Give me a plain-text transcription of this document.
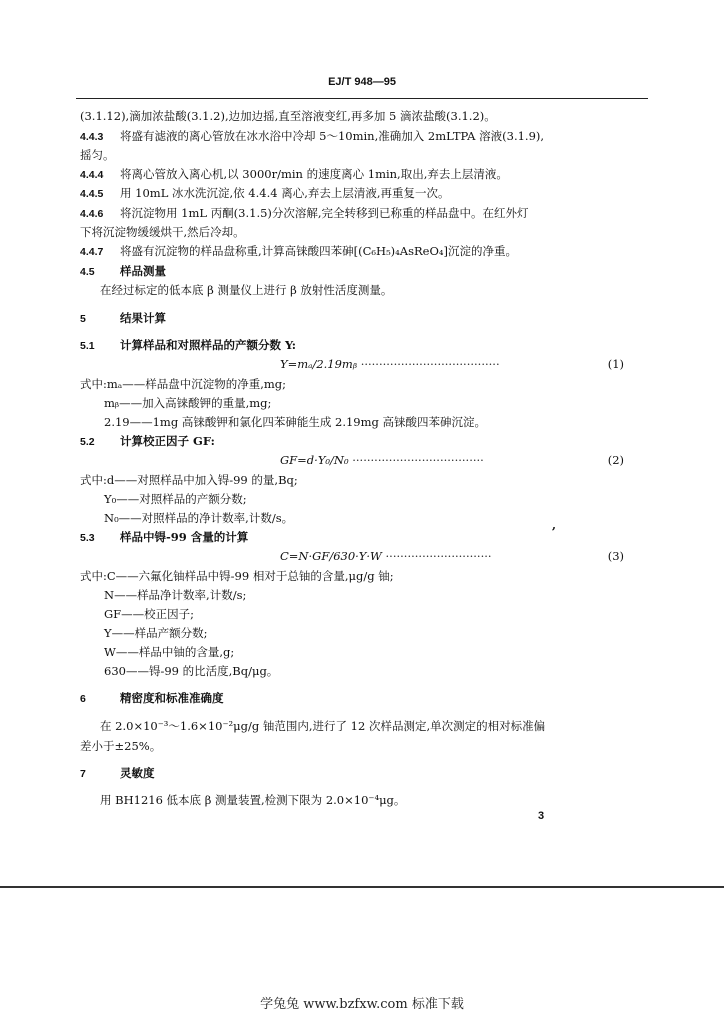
EJ/T 948—95
(3.1.12),滴加浓盐酸(3.1.2),边加边摇,直至溶液变红,再多加 5 滴浓盐酸(3.1.2)。
4.4.3 将盛有滤液的离心管放在冰水浴中冷却 5～10min,准确加入 2mLTPA 溶液(3.1.9),
摇匀。
4.4.4 将离心管放入离心机,以 3000r/min 的速度离心 1min,取出,弃去上层清液。
4.4.5 用 10mL 冰水洗沉淀,依 4.4.4 离心,弃去上层清液,再重复一次。
4.4.6 将沉淀物用 1mL 丙酮(3.1.5)分次溶解,完全转移到已称重的样品盘中。在红外灯
下将沉淀物缓缓烘干,然后冷却。
4.4.7 将盛有沉淀物的样品盘称重,计算高铼酸四苯砷[(C₆H₅)₄AsReO₄]沉淀的净重。
4.5 样品测量
在经过标定的低本底 β 测量仪上进行 β 放射性活度测量。
5	结果计算
5.1 计算样品和对照样品的产额分数 Y:
Y=mₐ/2.19mᵦ ······································	(1)
式中:mₐ——样品盘中沉淀物的净重,mg;
mᵦ——加入高铼酸钾的重量,mg;
2.19——1mg 高铼酸钾和氯化四苯砷能生成 2.19mg 高铼酸四苯砷沉淀。
5.2 计算校正因子 GF:
GF=d·Y₀/N₀ ····································	(2)
式中:d——对照样品中加入锝-99 的量,Bq;
Y₀——对照样品的产额分数;
N₀——对照样品的净计数率,计数/s。	,
5.3 样品中锝-99 含量的计算
C=N·GF/630·Y·W ·····························	(3)
式中:C——六氟化铀样品中锝-99 相对于总铀的含量,μg/g 铀;
N——样品净计数率,计数/s;
GF——校正因子;
Y——样品产额分数;
W——样品中铀的含量,g;
630——锝-99 的比活度,Bq/μg。
6	精密度和标准准确度
在 2.0×10⁻³～1.6×10⁻²μg/g 铀范围内,进行了 12 次样品测定,单次测定的相对标准偏
差小于±25%。
7	灵敏度
用 BH1216 低本底 β 测量装置,检测下限为 2.0×10⁻⁴μg。
3
学兔兔 www.bzfxw.com 标准下载
